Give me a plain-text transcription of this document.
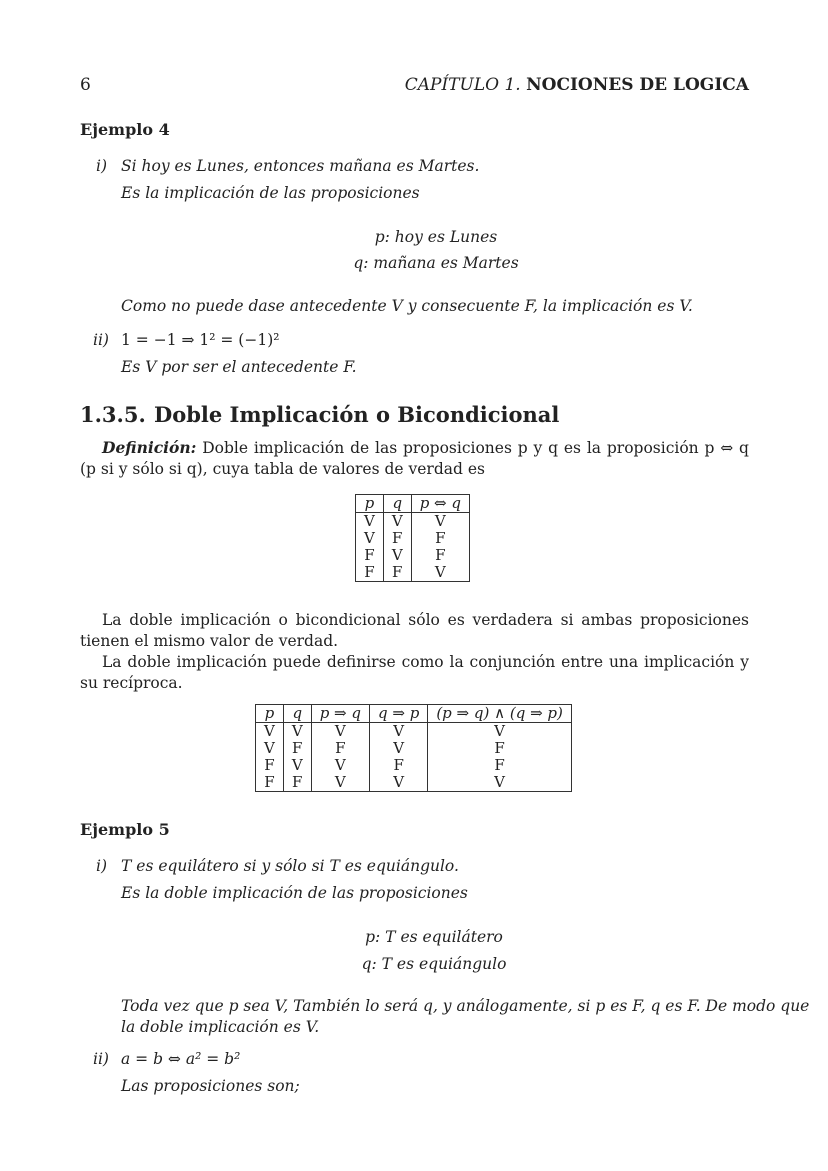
6	CAPÍTULO 1. NOCIONES DE LOGICA
Ejemplo 4
i) Si hoy es Lunes, entonces mañana es Martes.
Es la implicación de las proposiciones
p: hoy es Lunes
q: mañana es Martes
Como no puede dase antecedente V y consecuente F, la implicación es V.
ii) 1 = −1 ⇒ 1² = (−1)²
Es V por ser el antecedente F.
1.3.5. Doble Implicación o Bicondicional
Definición: Doble implicación de las proposiciones p y q es la proposición p ⇔ q (p si y sólo si q), cuya tabla de valores de verdad es
p	q	p ⇔ q
V	V	V
V	F	F
F	V	F
F	F	V
La doble implicación o bicondicional sólo es verdadera si ambas proposiciones tienen el mismo valor de verdad.
La doble implicación puede definirse como la conjunción entre una implicación y su recíproca.
p	q	p ⇒ q	q ⇒ p	(p ⇒ q) ∧ (q ⇒ p)
V	V	V	V	V
V	F	F	V	F
F	V	V	F	F
F	F	V	V	V
Ejemplo 5
i) T es equilátero si y sólo si T es equiángulo.
Es la doble implicación de las proposiciones
p: T es equilátero
q: T es equiángulo
Toda vez que p sea V, También lo será q, y análogamente, si p es F, q es F. De modo que
la doble implicación es V.
ii) a = b ⇔ a² = b²
Las proposiciones son;
